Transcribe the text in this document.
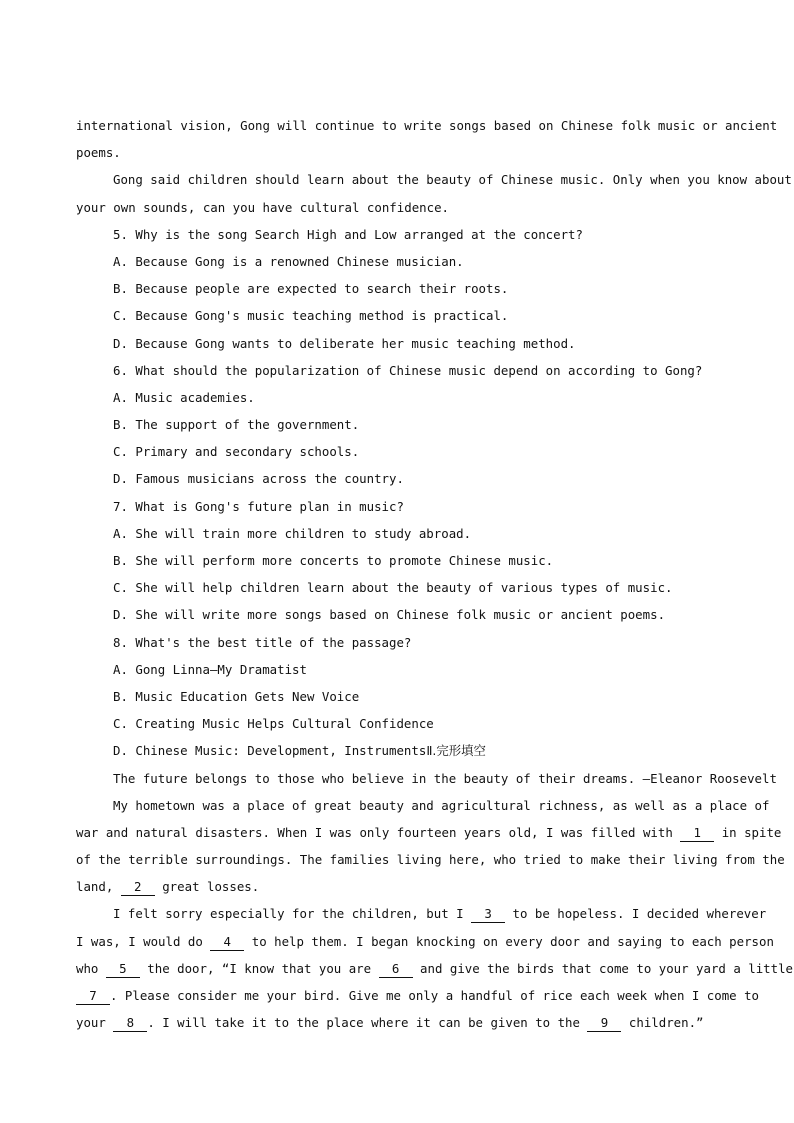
international vision, Gong will continue to write songs based on Chinese folk music or ancient
poems.
Gong said children should learn about the beauty of Chinese music. Only when you know about
your own sounds, can you have cultural confidence.
5. Why is the song Search High and Low arranged at the concert?
A. Because Gong is a renowned Chinese musician.
B. Because people are expected to search their roots.
C. Because Gong's music teaching method is practical.
D. Because Gong wants to deliberate her music teaching method.
6. What should the popularization of Chinese music depend on according to Gong?
A. Music academies.
B. The support of the government.
C. Primary and secondary schools.
D. Famous musicians across the country.
7. What is Gong's future plan in music?
A. She will train more children to study abroad.
B. She will perform more concerts to promote Chinese music.
C. She will help children learn about the beauty of various types of music.
D. She will write more songs based on Chinese folk music or ancient poems.
8. What's the best title of the passage?
A. Gong Linna—My Dramatist
B. Music Education Gets New Voice
C. Creating Music Helps Cultural Confidence
D. Chinese Music: Development, InstrumentsⅡ.完形填空
The future belongs to those who believe in the beauty of their dreams. —Eleanor Roosevelt
My hometown was a place of great beauty and agricultural richness, as well as a place of
war and natural disasters. When I was only fourteen years old, I was filled with 1 in spite
of the terrible surroundings. The families living here, who tried to make their living from the
land, 2 great losses.
I felt sorry especially for the children, but I 3 to be hopeless. I decided wherever
I was, I would do 4 to help them. I began knocking on every door and saying to each person
who 5 the door, “I know that you are 6 and give the birds that come to your yard a little
7 . Please consider me your bird. Give me only a handful of rice each week when I come to
your 8 . I will take it to the place where it can be given to the 9 children.”
